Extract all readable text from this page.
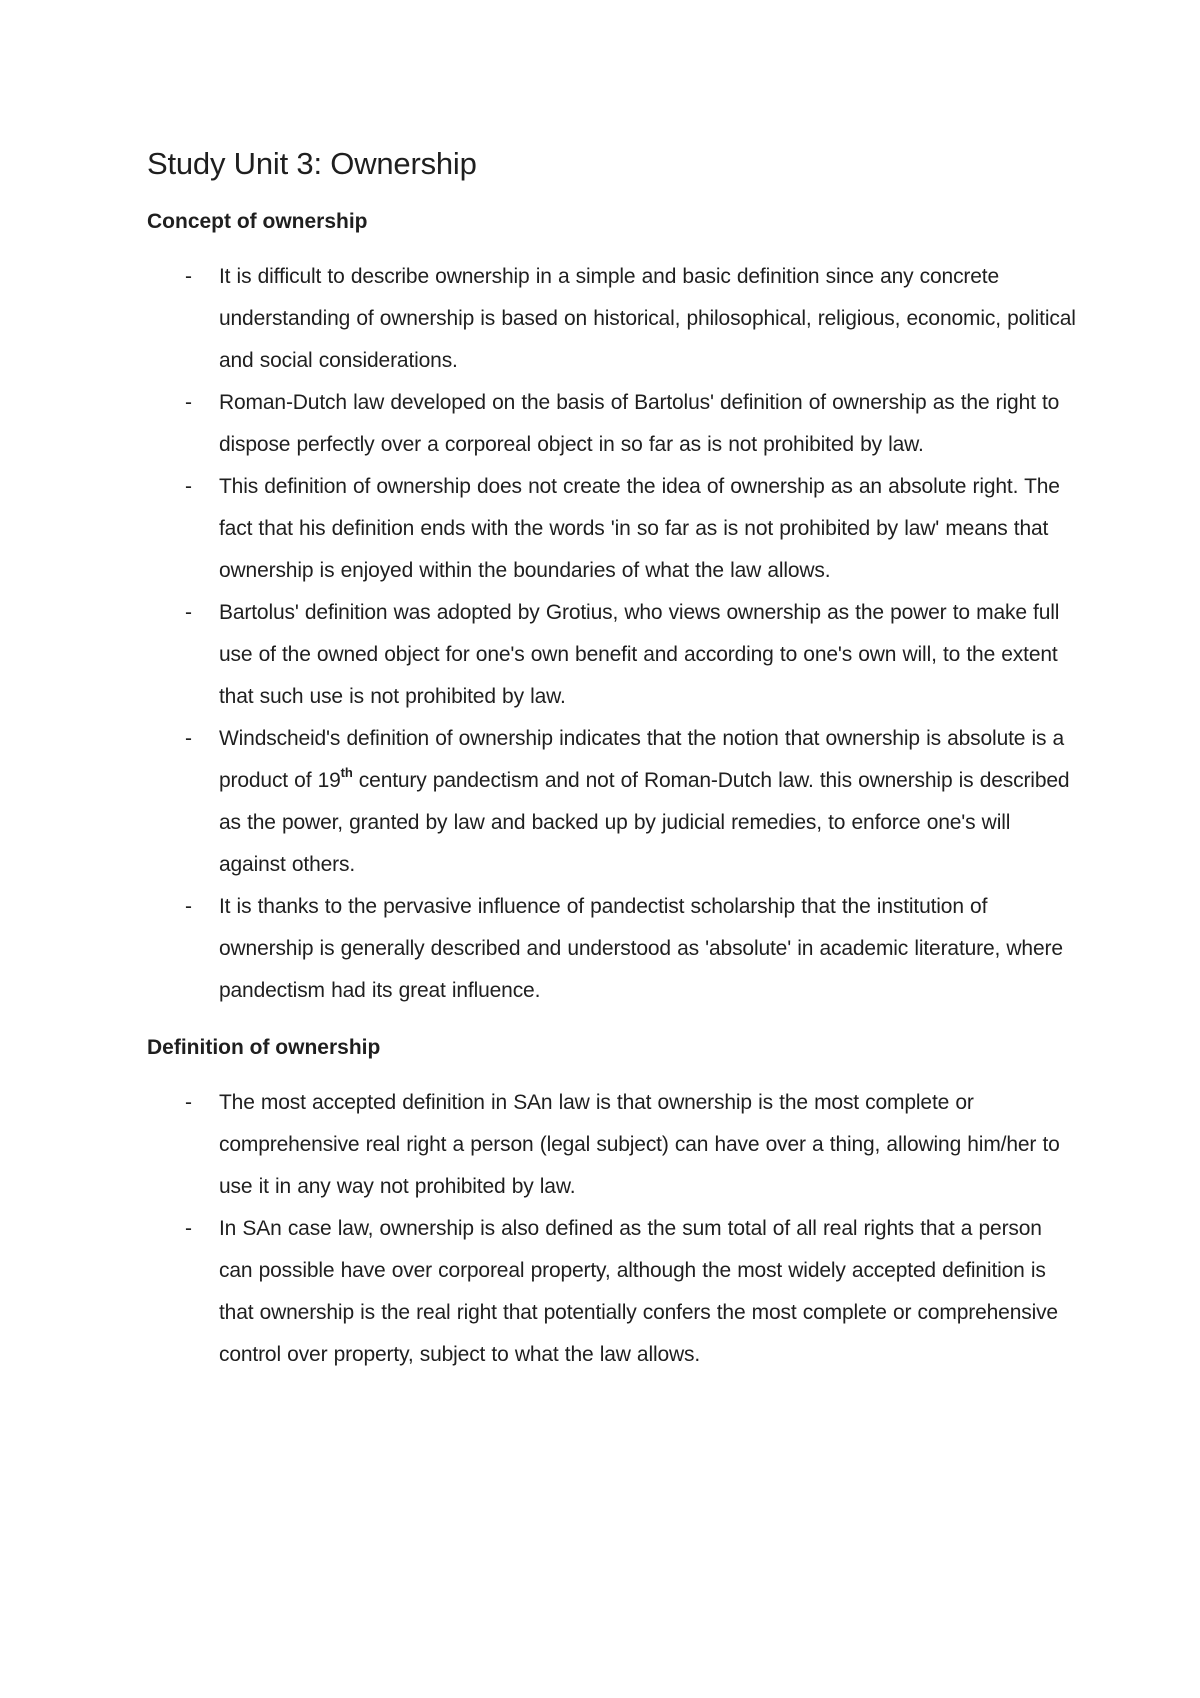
Study Unit 3: Ownership
Concept of ownership
- It is difficult to describe ownership in a simple and basic definition since any concrete understanding of ownership is based on historical, philosophical, religious, economic, political and social considerations.
- Roman-Dutch law developed on the basis of Bartolus' definition of ownership as the right to dispose perfectly over a corporeal object in so far as is not prohibited by law.
- This definition of ownership does not create the idea of ownership as an absolute right. The fact that his definition ends with the words 'in so far as is not prohibited by law' means that ownership is enjoyed within the boundaries of what the law allows.
- Bartolus' definition was adopted by Grotius, who views ownership as the power to make full use of the owned object for one's own benefit and according to one's own will, to the extent that such use is not prohibited by law.
- Windscheid's definition of ownership indicates that the notion that ownership is absolute is a product of 19th century pandectism and not of Roman-Dutch law. this ownership is described as the power, granted by law and backed up by judicial remedies, to enforce one's will against others.
- It is thanks to the pervasive influence of pandectist scholarship that the institution of ownership is generally described and understood as 'absolute' in academic literature, where pandectism had its great influence.
Definition of ownership
- The most accepted definition in SAn law is that ownership is the most complete or comprehensive real right a person (legal subject) can have over a thing, allowing him/her to use it in any way not prohibited by law.
- In SAn case law, ownership is also defined as the sum total of all real rights that a person can possible have over corporeal property, although the most widely accepted definition is that ownership is the real right that potentially confers the most complete or comprehensive control over property, subject to what the law allows.
